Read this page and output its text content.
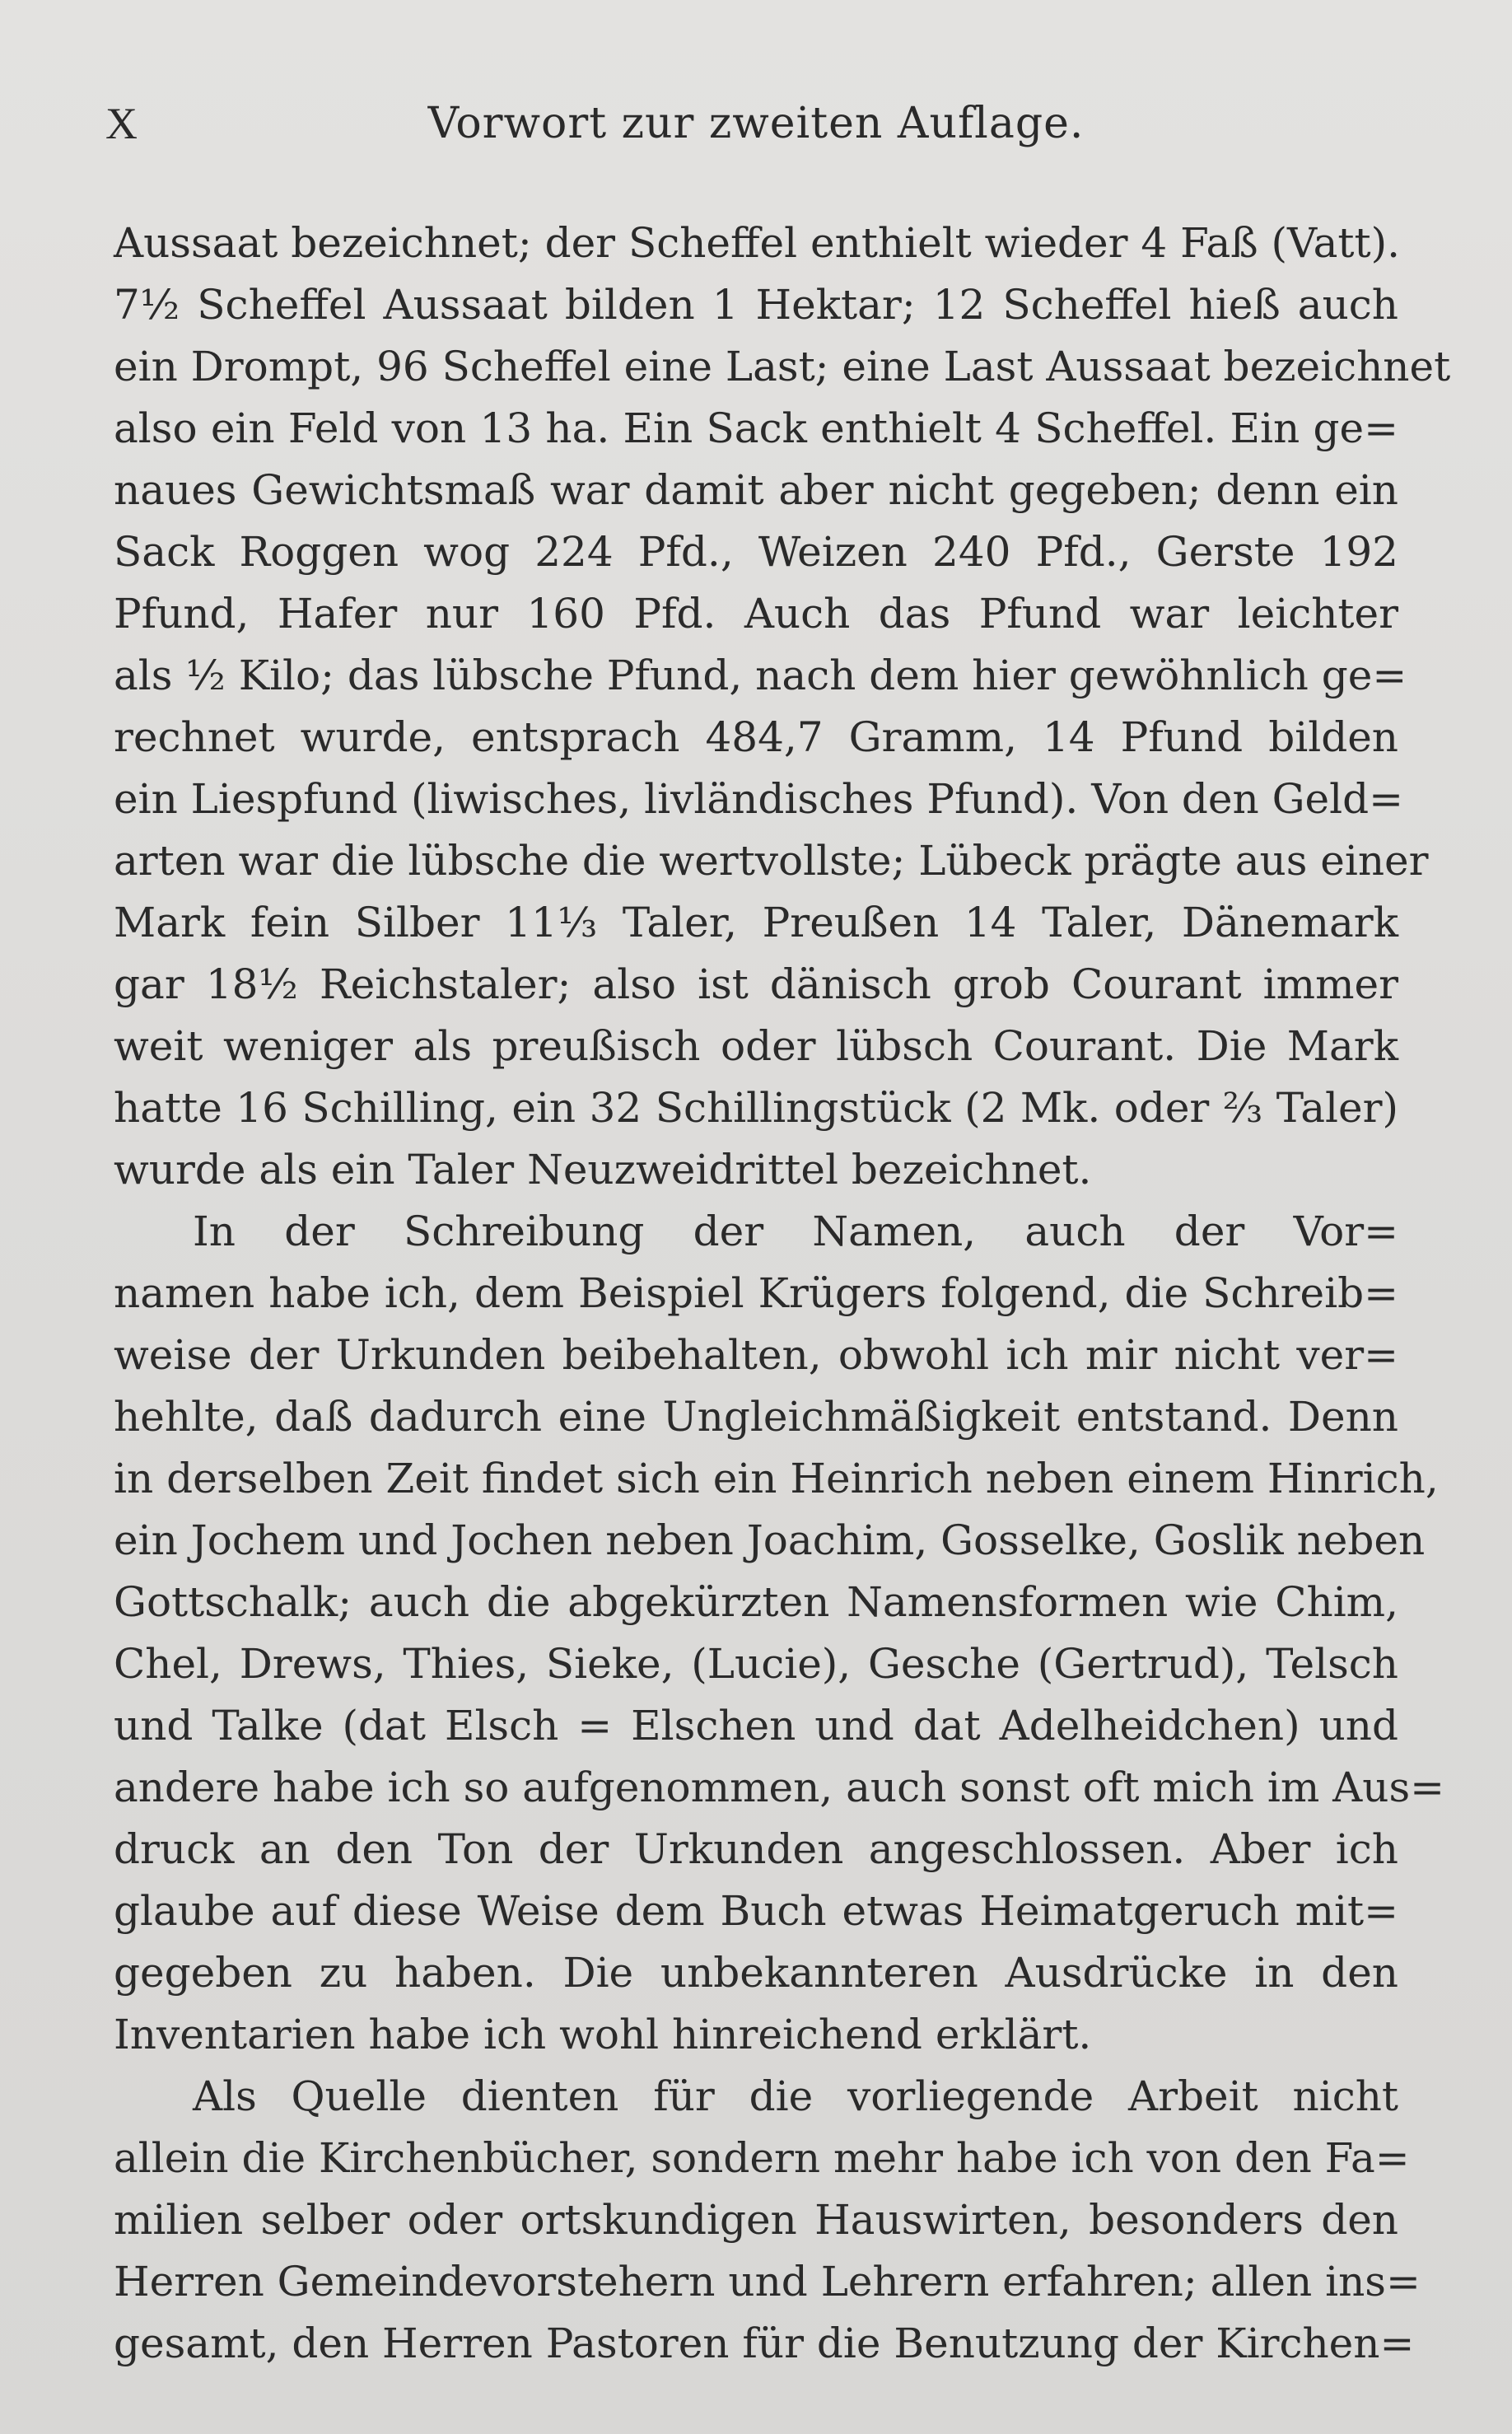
X	Vorwort zur zweiten Auflage.
Aussaat bezeichnet; der Scheffel enthielt wieder 4 Faß (Vatt).
7½ Scheffel Aussaat bilden 1 Hektar; 12 Scheffel hieß auch
ein Drompt, 96 Scheffel eine Last; eine Last Aussaat bezeichnet
also ein Feld von 13 ha. Ein Sack enthielt 4 Scheffel. Ein ge=
naues Gewichtsmaß war damit aber nicht gegeben; denn ein
Sack Roggen wog 224 Pfd., Weizen 240 Pfd., Gerste 192
Pfund, Hafer nur 160 Pfd. Auch das Pfund war leichter
als ½ Kilo; das lübsche Pfund, nach dem hier gewöhnlich ge=
rechnet wurde, entsprach 484,7 Gramm, 14 Pfund bilden
ein Liespfund (liwisches, livländisches Pfund). Von den Geld=
arten war die lübsche die wertvollste; Lübeck prägte aus einer
Mark fein Silber 11⅓ Taler, Preußen 14 Taler, Dänemark
gar 18½ Reichstaler; also ist dänisch grob Courant immer
weit weniger als preußisch oder lübsch Courant. Die Mark
hatte 16 Schilling, ein 32 Schillingstück (2 Mk. oder ⅔ Taler)
wurde als ein Taler Neuzweidrittel bezeichnet.
In der Schreibung der Namen, auch der Vor=
namen habe ich, dem Beispiel Krügers folgend, die Schreib=
weise der Urkunden beibehalten, obwohl ich mir nicht ver=
hehlte, daß dadurch eine Ungleichmäßigkeit entstand. Denn
in derselben Zeit findet sich ein Heinrich neben einem Hinrich,
ein Jochem und Jochen neben Joachim, Gosselke, Goslik neben
Gottschalk; auch die abgekürzten Namensformen wie Chim,
Chel, Drews, Thies, Sieke, (Lucie), Gesche (Gertrud), Telsch
und Talke (dat Elsch = Elschen und dat Adelheidchen) und
andere habe ich so aufgenommen, auch sonst oft mich im Aus=
druck an den Ton der Urkunden angeschlossen. Aber ich
glaube auf diese Weise dem Buch etwas Heimatgeruch mit=
gegeben zu haben. Die unbekannteren Ausdrücke in den
Inventarien habe ich wohl hinreichend erklärt.
Als Quelle dienten für die vorliegende Arbeit nicht
allein die Kirchenbücher, sondern mehr habe ich von den Fa=
milien selber oder ortskundigen Hauswirten, besonders den
Herren Gemeindevorstehern und Lehrern erfahren; allen ins=
gesamt, den Herren Pastoren für die Benutzung der Kirchen=
